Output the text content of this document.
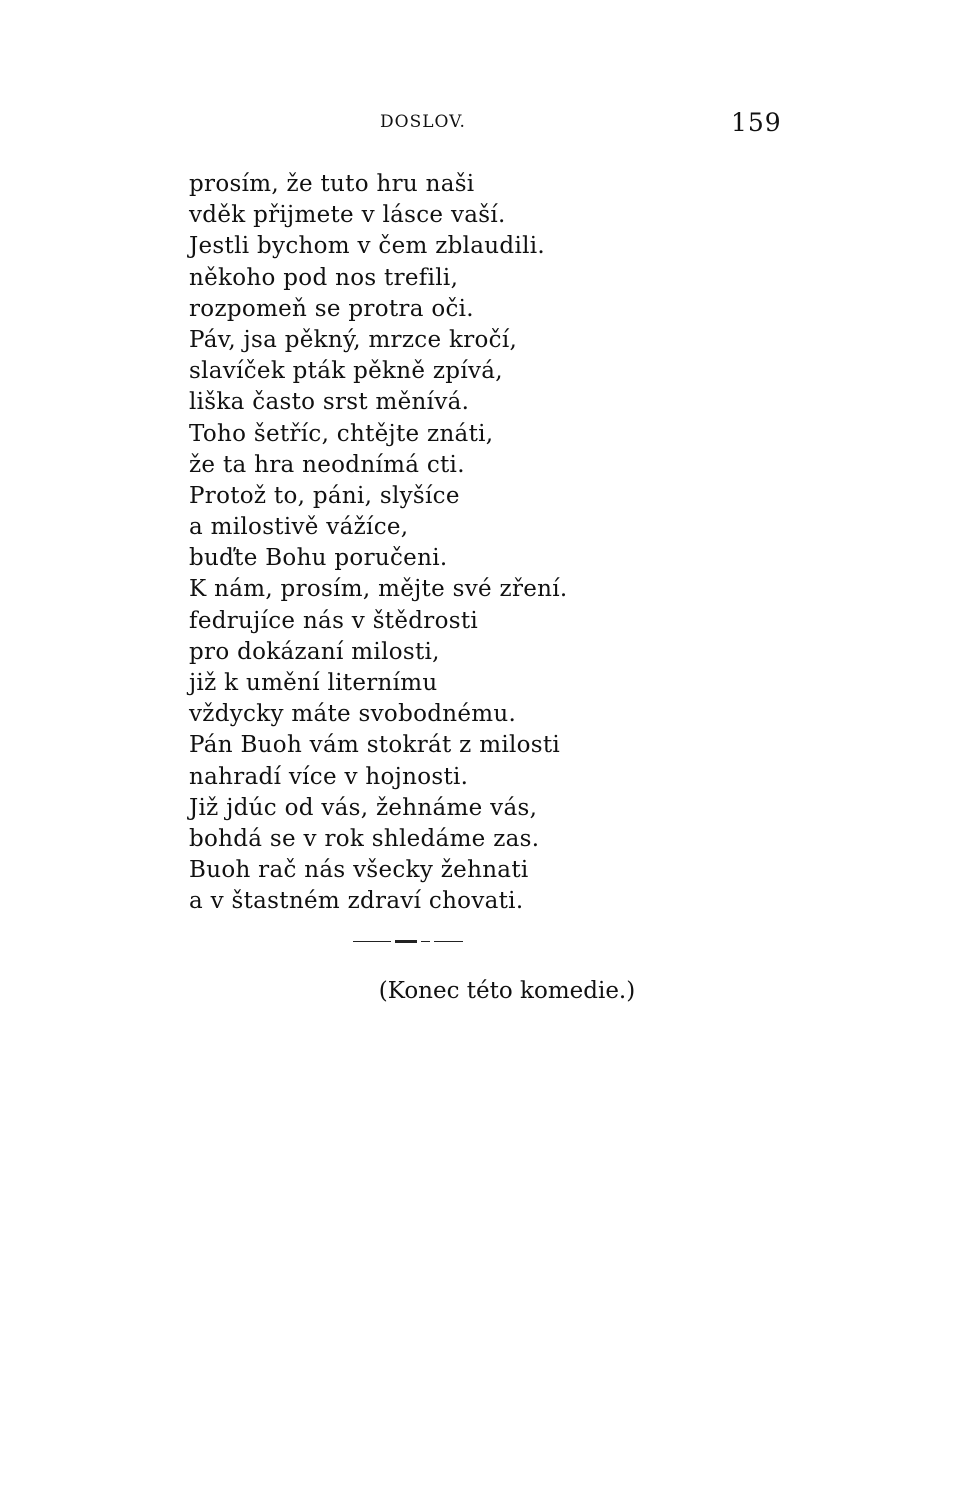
DOSLOV.	159
prosím, že tuto hru naši
vděk přijmete v lásce vaší.
Jestli bychom v čem zblaudili.
někoho pod nos trefili,
rozpomeň se protra oči.
Páv, jsa pěkný, mrzce kročí,
slavíček pták pěkně zpívá,
liška často srst měnívá.
Toho šetříc, chtějte znáti,
že ta hra neodnímá cti.
Protož to, páni, slyšíce
a milostivě vážíce,
buďte Bohu poručeni.
K nám, prosím, mějte své zření.
fedrujíce nás v štědrosti
pro dokázaní milosti,
již k umění liternímu
vždycky máte svobodnému.
Pán Buoh vám stokrát z milosti
nahradí více v hojnosti.
Již jdúc od vás, žehnáme vás,
bohdá se v rok shledáme zas.
Buoh rač nás všecky žehnati
a v štastném zdraví chovati.
(Konec této komedie.)
